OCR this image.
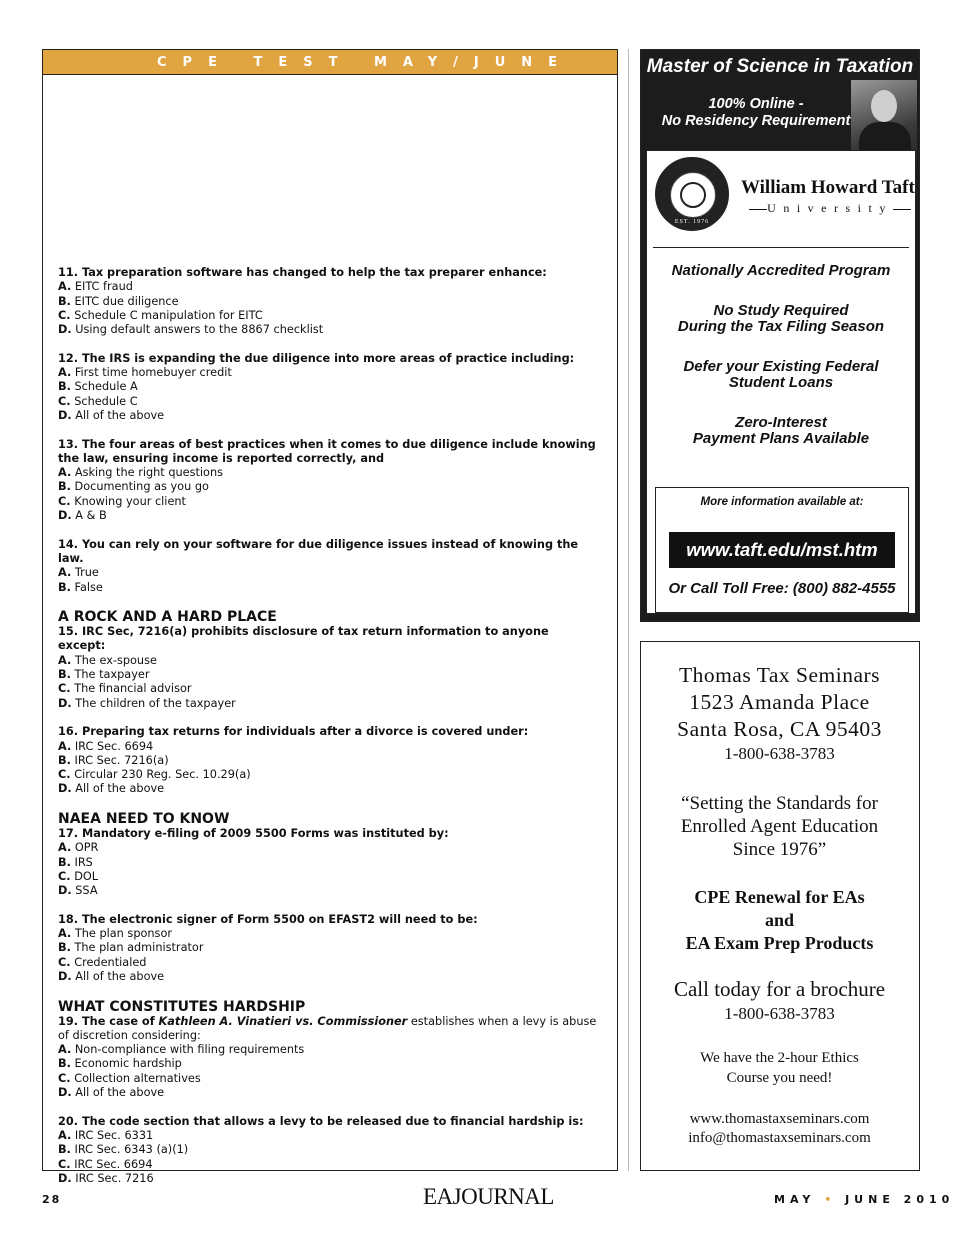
CPE TEST MAY/JUNE
11. Tax preparation software has changed to help the tax preparer enhance:
A. EITC fraud
B. EITC due diligence
C. Schedule C manipulation for EITC
D. Using default answers to the 8867 checklist
12. The IRS is expanding the due diligence into more areas of practice including:
A. First time homebuyer credit
B. Schedule A
C. Schedule C
D. All of the above
13. The four areas of best practices when it comes to due diligence include knowing the law, ensuring income is reported correctly, and
A. Asking the right questions
B. Documenting as you go
C. Knowing your client
D. A & B
14. You can rely on your software for due diligence issues instead of knowing the law.
A. True
B. False
A ROCK AND A HARD PLACE
15. IRC Sec, 7216(a) prohibits disclosure of tax return information to anyone except:
A. The ex-spouse
B. The taxpayer
C. The financial advisor
D. The children of the taxpayer
16. Preparing tax returns for individuals after a divorce is covered under:
A. IRC Sec. 6694
B. IRC Sec. 7216(a)
C. Circular 230 Reg. Sec. 10.29(a)
D. All of the above
NAEA NEED TO KNOW
17. Mandatory e-filing of 2009 5500 Forms was instituted by:
A. OPR
B. IRS
C. DOL
D. SSA
18. The electronic signer of Form 5500 on EFAST2 will need to be:
A. The plan sponsor
B. The plan administrator
C. Credentialed
D. All of the above
WHAT CONSTITUTES HARDSHIP
19. The case of Kathleen A. Vinatieri vs. Commissioner establishes when a levy is abuse of discretion considering:
A. Non-compliance with filing requirements
B. Economic hardship
C. Collection alternatives
D. All of the above
20. The code section that allows a levy to be released due to financial hardship is:
A. IRC Sec. 6331
B. IRC Sec. 6343 (a)(1)
C. IRC Sec. 6694
D. IRC Sec. 7216
Master of Science in Taxation
100% Online -
No Residency Requirement
EST. 1976
William Howard Taft
University
Nationally Accredited Program
No Study Required
During the Tax Filing Season
Defer your Existing Federal
Student Loans
Zero-Interest
Payment Plans Available
More information available at:
www.taft.edu/mst.htm
Or Call Toll Free: (800) 882-4555
Thomas Tax Seminars
1523 Amanda Place
Santa Rosa, CA 95403
1-800-638-3783
“Setting the Standards for
Enrolled Agent Education
Since 1976”
CPE Renewal for EAs
and
EA Exam Prep Products
Call today for a brochure
1-800-638-3783
We have the 2-hour Ethics
Course you need!
www.thomastaxseminars.com
info@thomastaxseminars.com
28	EAJOURNAL	MAY • JUNE 2010
